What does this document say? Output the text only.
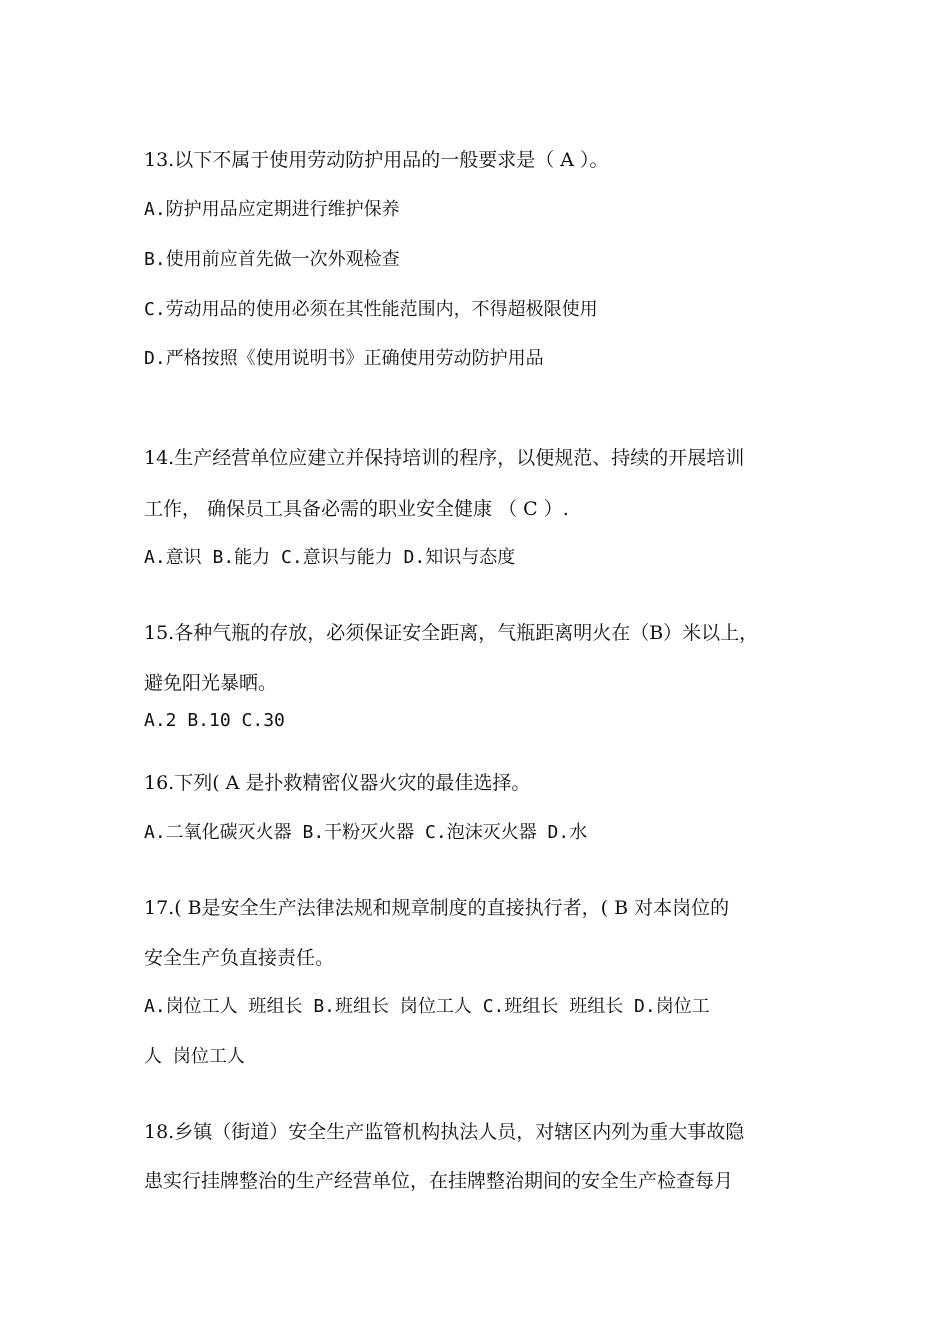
13.以下不属于使用劳动防护用品的一般要求是（ A ）。
A.防护用品应定期进行维护保养
B.使用前应首先做一次外观检查
C.劳动用品的使用必须在其性能范围内，不得超极限使用
D.严格按照《使用说明书》正确使用劳动防护用品
14.生产经营单位应建立并保持培训的程序，以便规范、持续的开展培训
工作， 确保员工具备必需的职业安全健康 （ C ）.
A.意识 B.能力 C.意识与能力 D.知识与态度
15.各种气瓶的存放，必须保证安全距离，气瓶距离明火在（B）米以上，
避免阳光暴晒。
A.2 B.10 C.30
16.下列( A 是扑救精密仪器火灾的最佳选择。
A.二氧化碳灭火器 B.干粉灭火器 C.泡沫灭火器 D.水
17.( B是安全生产法律法规和规章制度的直接执行者，( B 对本岗位的
安全生产负直接责任。
A.岗位工人 班组长 B.班组长 岗位工人 C.班组长 班组长 D.岗位工
人 岗位工人
18.乡镇（街道）安全生产监管机构执法人员，对辖区内列为重大事故隐
患实行挂牌整治的生产经营单位，在挂牌整治期间的安全生产检查每月
